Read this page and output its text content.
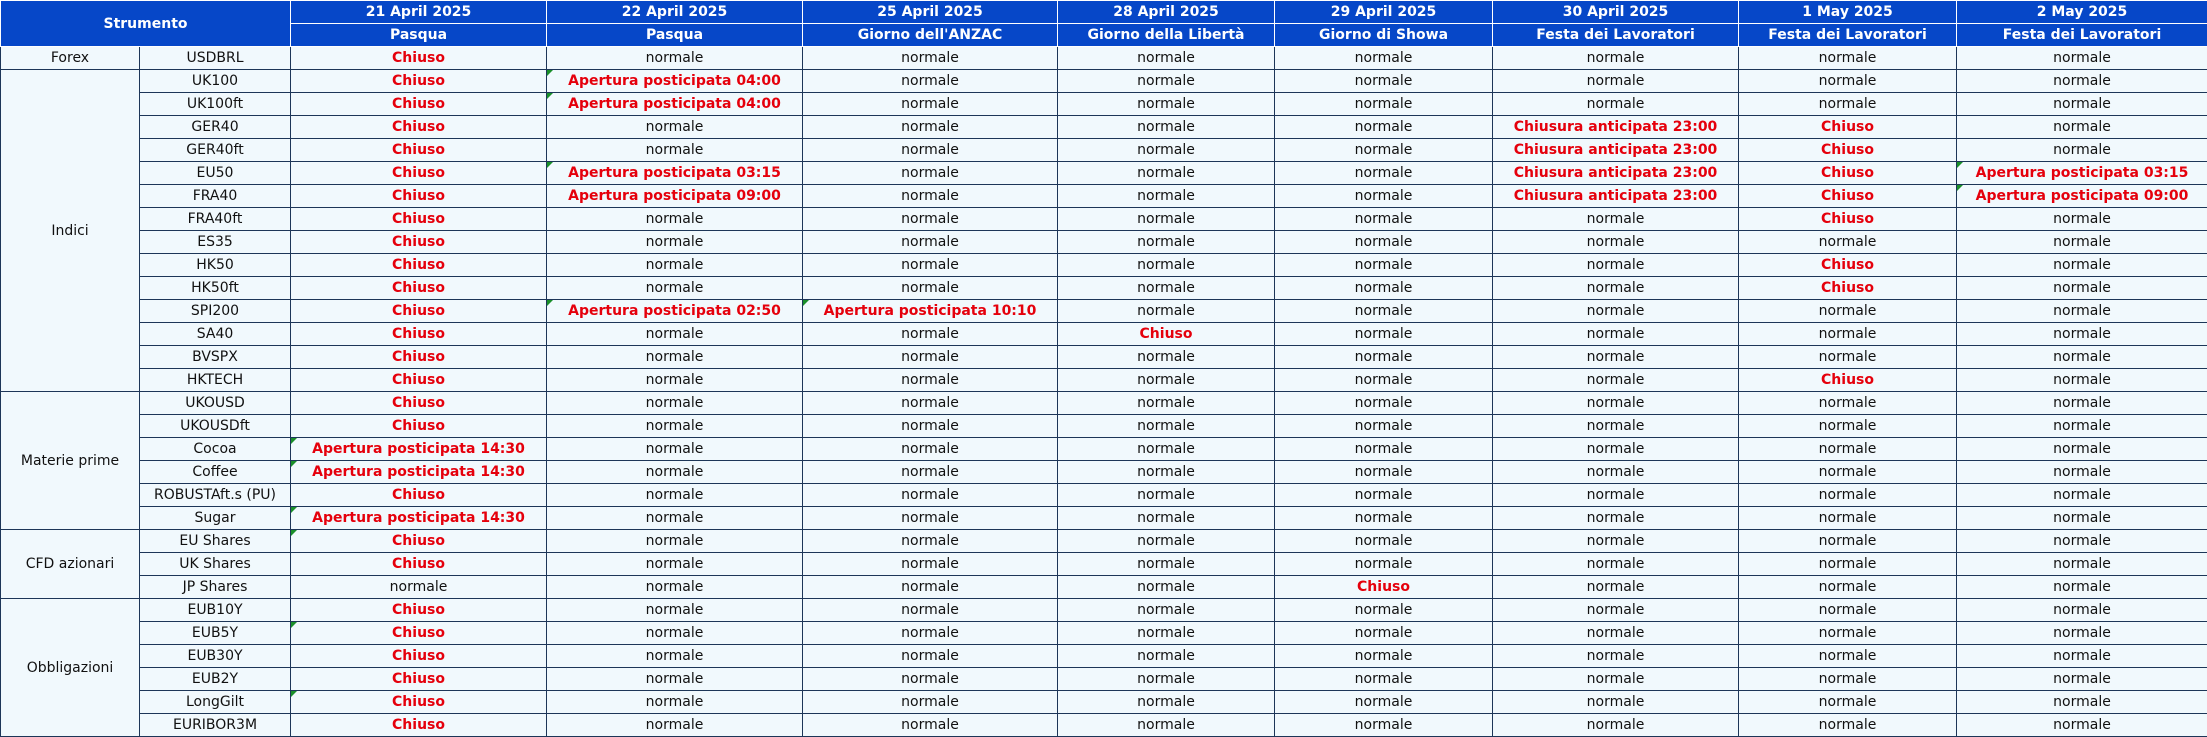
Strumento		21 April 2025	22 April 2025	25 April 2025	28 April 2025	29 April 2025	30 April 2025	1 May 2025	2 May 2025
		Pasqua	Pasqua	Giorno dell'ANZAC	Giorno della Libertà	Giorno di Showa	Festa dei Lavoratori	Festa dei Lavoratori	Festa dei Lavoratori
Forex	USDBRL	Chiuso	normale	normale	normale	normale	normale	normale	normale
Indici	UK100	Chiuso	Apertura posticipata 04:00	normale	normale	normale	normale	normale	normale
	UK100ft	Chiuso	Apertura posticipata 04:00	normale	normale	normale	normale	normale	normale
	GER40	Chiuso	normale	normale	normale	normale	Chiusura anticipata 23:00	Chiuso	normale
	GER40ft	Chiuso	normale	normale	normale	normale	Chiusura anticipata 23:00	Chiuso	normale
	EU50	Chiuso	Apertura posticipata 03:15	normale	normale	normale	Chiusura anticipata 23:00	Chiuso	Apertura posticipata 03:15
	FRA40	Chiuso	Apertura posticipata 09:00	normale	normale	normale	Chiusura anticipata 23:00	Chiuso	Apertura posticipata 09:00
	FRA40ft	Chiuso	normale	normale	normale	normale	normale	Chiuso	normale
	ES35	Chiuso	normale	normale	normale	normale	normale	normale	normale
	HK50	Chiuso	normale	normale	normale	normale	normale	Chiuso	normale
	HK50ft	Chiuso	normale	normale	normale	normale	normale	Chiuso	normale
	SPI200	Chiuso	Apertura posticipata 02:50	Apertura posticipata 10:10	normale	normale	normale	normale	normale
	SA40	Chiuso	normale	normale	Chiuso	normale	normale	normale	normale
	BVSPX	Chiuso	normale	normale	normale	normale	normale	normale	normale
	HKTECH	Chiuso	normale	normale	normale	normale	normale	Chiuso	normale
Materie prime	UKOUSD	Chiuso	normale	normale	normale	normale	normale	normale	normale
	UKOUSDft	Chiuso	normale	normale	normale	normale	normale	normale	normale
	Cocoa	Apertura posticipata 14:30	normale	normale	normale	normale	normale	normale	normale
	Coffee	Apertura posticipata 14:30	normale	normale	normale	normale	normale	normale	normale
	ROBUSTAft.s (PU)	Chiuso	normale	normale	normale	normale	normale	normale	normale
	Sugar	Apertura posticipata 14:30	normale	normale	normale	normale	normale	normale	normale
CFD azionari	EU Shares	Chiuso	normale	normale	normale	normale	normale	normale	normale
	UK Shares	Chiuso	normale	normale	normale	normale	normale	normale	normale
	JP Shares	normale	normale	normale	normale	Chiuso	normale	normale	normale
Obbligazioni	EUB10Y	Chiuso	normale	normale	normale	normale	normale	normale	normale
	EUB5Y	Chiuso	normale	normale	normale	normale	normale	normale	normale
	EUB30Y	Chiuso	normale	normale	normale	normale	normale	normale	normale
	EUB2Y	Chiuso	normale	normale	normale	normale	normale	normale	normale
	LongGilt	Chiuso	normale	normale	normale	normale	normale	normale	normale
	EURIBOR3M	Chiuso	normale	normale	normale	normale	normale	normale	normale
